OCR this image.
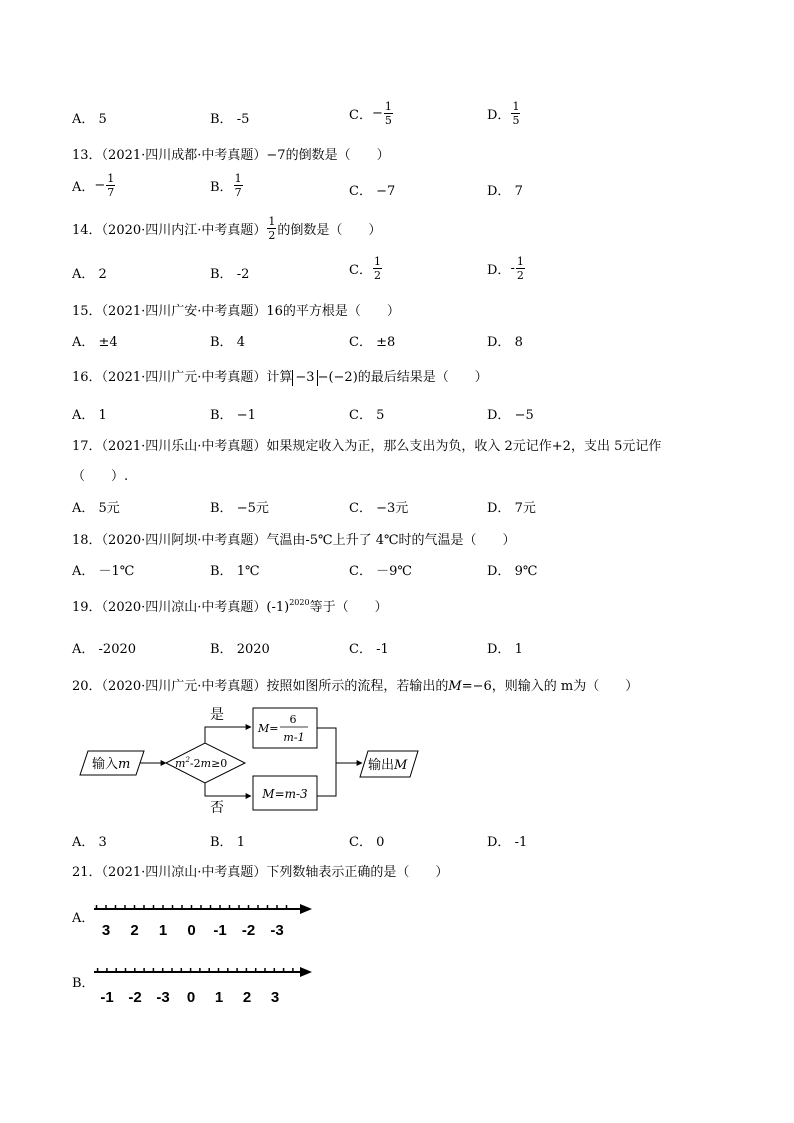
A． 5	B． -5	C．− $\frac{1}{5}$	D． $\frac{1}{5}$
13．（2021·四川成都·中考真题）−7的倒数是（　　）
A．− $\frac{1}{7}$	B． $\frac{1}{7}$	C． −7	D． 7
14．（2020·四川内江·中考真题） $\frac{1}{2}$ 的倒数是（　　）
A． 2	B． -2	C． $\frac{1}{2}$	D．- $\frac{1}{2}$
15．（2021·四川广安·中考真题）16的平方根是（　　）
A． ±4	B． 4	C． ±8	D． 8
16．（2021·四川广元·中考真题）计算 −3 −(−2)的最后结果是（　　）
A． 1	B． −1	C． 5	D． −5
17．（2021·四川乐山·中考真题）如果规定收入为正，那么支出为负，收入 2元记作+2，支出 5元记作
（　　）.
A． 5元	B． −5元	C． −3元	D． 7元
18．（2020·四川阿坝·中考真题）气温由-5℃上升了 4℃时的气温是（　　）
A． －1℃	B． 1℃	C． －9℃	D． 9℃
19．（2020·四川凉山·中考真题）$(-1)^{2020}$等于（　　）
A． -2020	B． 2020	C． -1	D． 1
20．（2020·四川广元·中考真题）按照如图所示的流程，若输出的M=−6，则输入的 m为（　　）
输入m	$m^2-2m\ge 0$
是
否
M=
6
m-1
M=m-3
输出M
A． 3	B． 1	C． 0	D． -1
21．（2021·四川凉山·中考真题）下列数轴表示正确的是（　　）
A．
3 2 1 0 -1 -2 -3
B．
-1 -2 -3 0 1 2 3
